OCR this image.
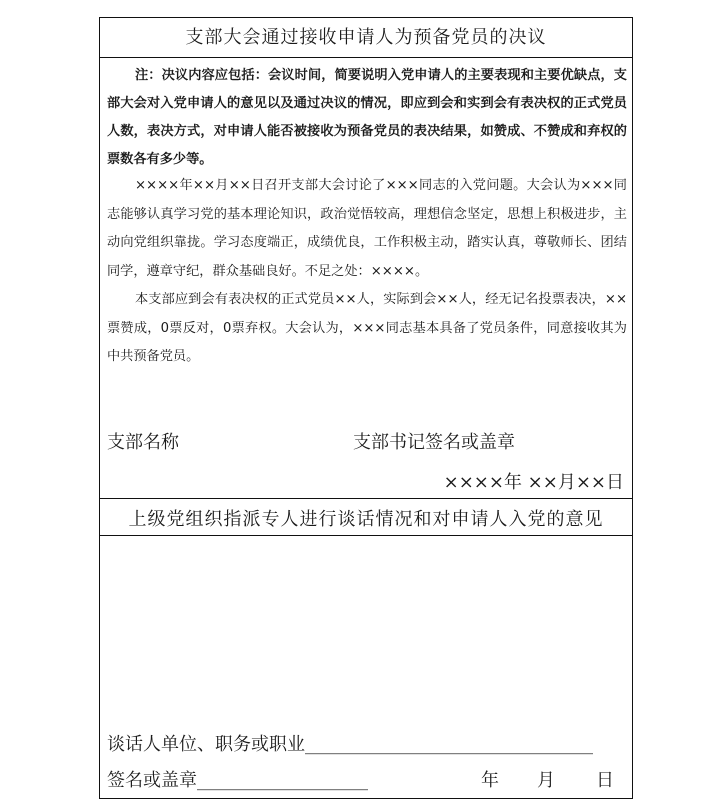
支部大会通过接收申请人为预备党员的决议
注：决议内容应包括：会议时间，简要说明入党申请人的主要表现和主要优缺点，支部大会对入党申请人的意见以及通过决议的情况，即应到会和实到会有表决权的正式党员人数，表决方式，对申请人能否被接收为预备党员的表决结果，如赞成、不赞成和弃权的票数各有多少等。
××××年××月××日召开支部大会讨论了×××同志的入党问题。大会认为×××同志能够认真学习党的基本理论知识，政治觉悟较高，理想信念坚定，思想上积极进步，主动向党组织靠拢。学习态度端正，成绩优良，工作积极主动，踏实认真，尊敬师长、团结同学，遵章守纪，群众基础良好。不足之处：××××。
本支部应到会有表决权的正式党员××人，实际到会××人，经无记名投票表决，××票赞成，0票反对，0票弃权。大会认为，×××同志基本具备了党员条件，同意接收其为中共预备党员。
支部名称	支部书记签名或盖章
××××年 ××月××日
上级党组织指派专人进行谈话情况和对申请人入党的意见
谈话人单位、职务或职业________________________________
签名或盖章___________________	年 月 日
